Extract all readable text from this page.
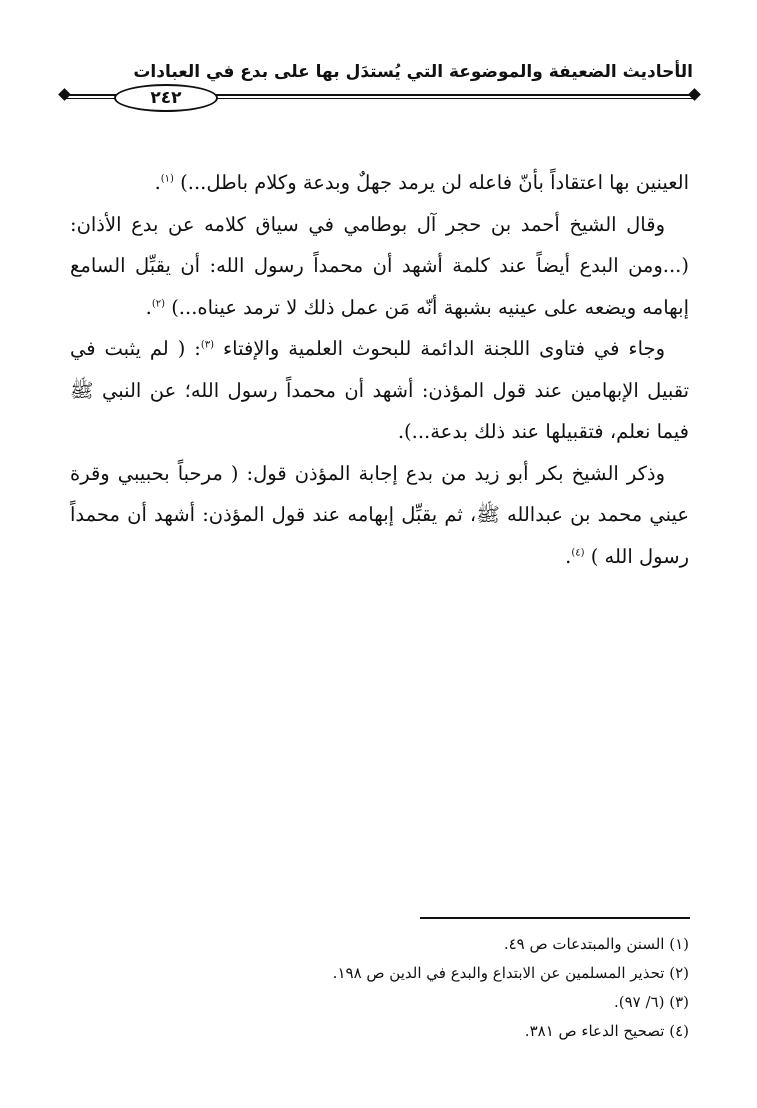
الأحاديث الضعيفة والموضوعة التي يُستدَل بها على بدع في العبادات
٢٤٢

العينين بها اعتقاداً بأنّ فاعله لن يرمد جهلٌ وبدعة وكلام باطل...) $^{(١)}$.

وقال الشيخ أحمد بن حجر آل بوطامي في سياق كلامه عن بدع الأذان: (...ومن البدع أيضاً عند كلمة أشهد أن محمداً رسول الله: أن يقبِّل السامع إبهامه ويضعه على عينيه بشبهة أنّه مَن عمل ذلك لا ترمد عيناه...) $^{(٢)}$.

وجاء في فتاوى اللجنة الدائمة للبحوث العلمية والإفتاء $^{(٣)}$: ( لم يثبت في تقبيل الإبهامين عند قول المؤذن: أشهد أن محمداً رسول الله؛ عن النبي ﷺ فيما نعلم، فتقبيلها عند ذلك بدعة...).

وذكر الشيخ بكر أبو زيد من بدع إجابة المؤذن قول: ( مرحباً بحبيبي وقرة عيني محمد بن عبدالله ﷺ، ثم يقبِّل إبهامه عند قول المؤذن: أشهد أن محمداً رسول الله ) $^{(٤)}$.

(١) السنن والمبتدعات ص ٤٩.
(٢) تحذير المسلمين عن الابتداع والبدع في الدين ص ١٩٨.
(٣) (٦/ ٩٧).
(٤) تصحيح الدعاء ص ٣٨١.
